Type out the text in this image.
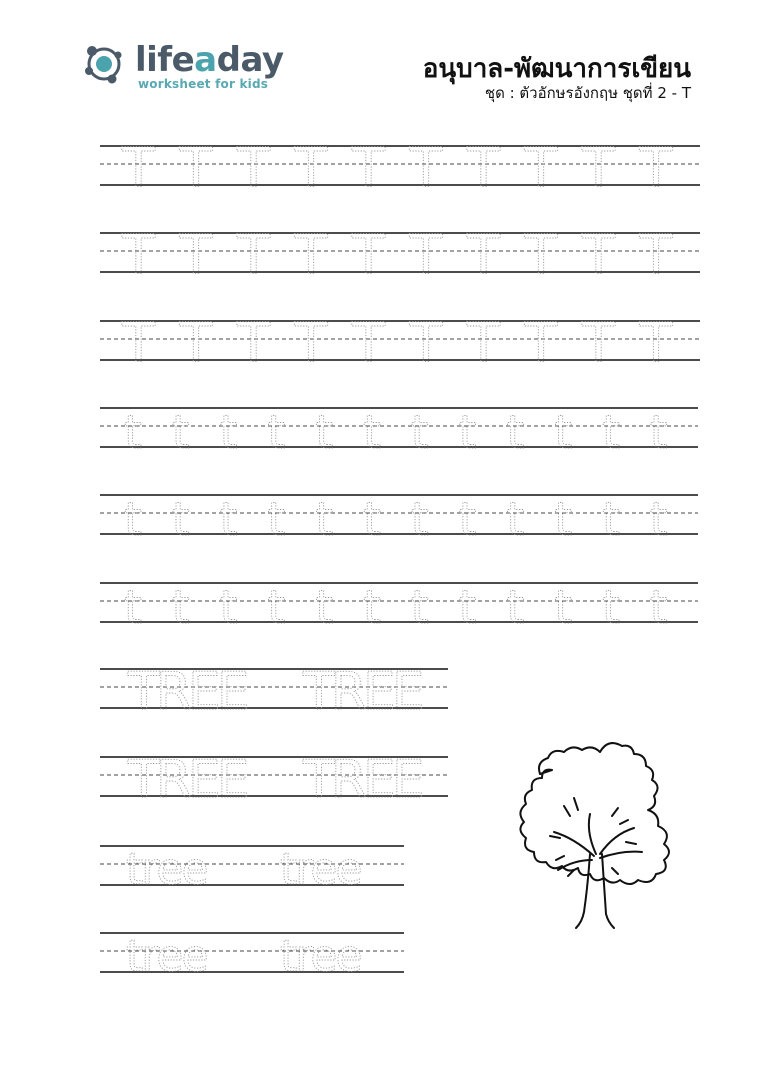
lifeaday
worksheet for kids	อนุบาล-พัฒนาการเขียน
ชุด : ตัวอักษรอังกฤษ ชุดที่ 2 - T
T T T T T T T T T T
T T T T T T T T T T
T T T T T T T T T T
t t t t t t t t t t t t
t t t t t t t t t t t t
t t t t t t t t t t t t
TREE TREE
TREE TREE
tree tree
tree tree
